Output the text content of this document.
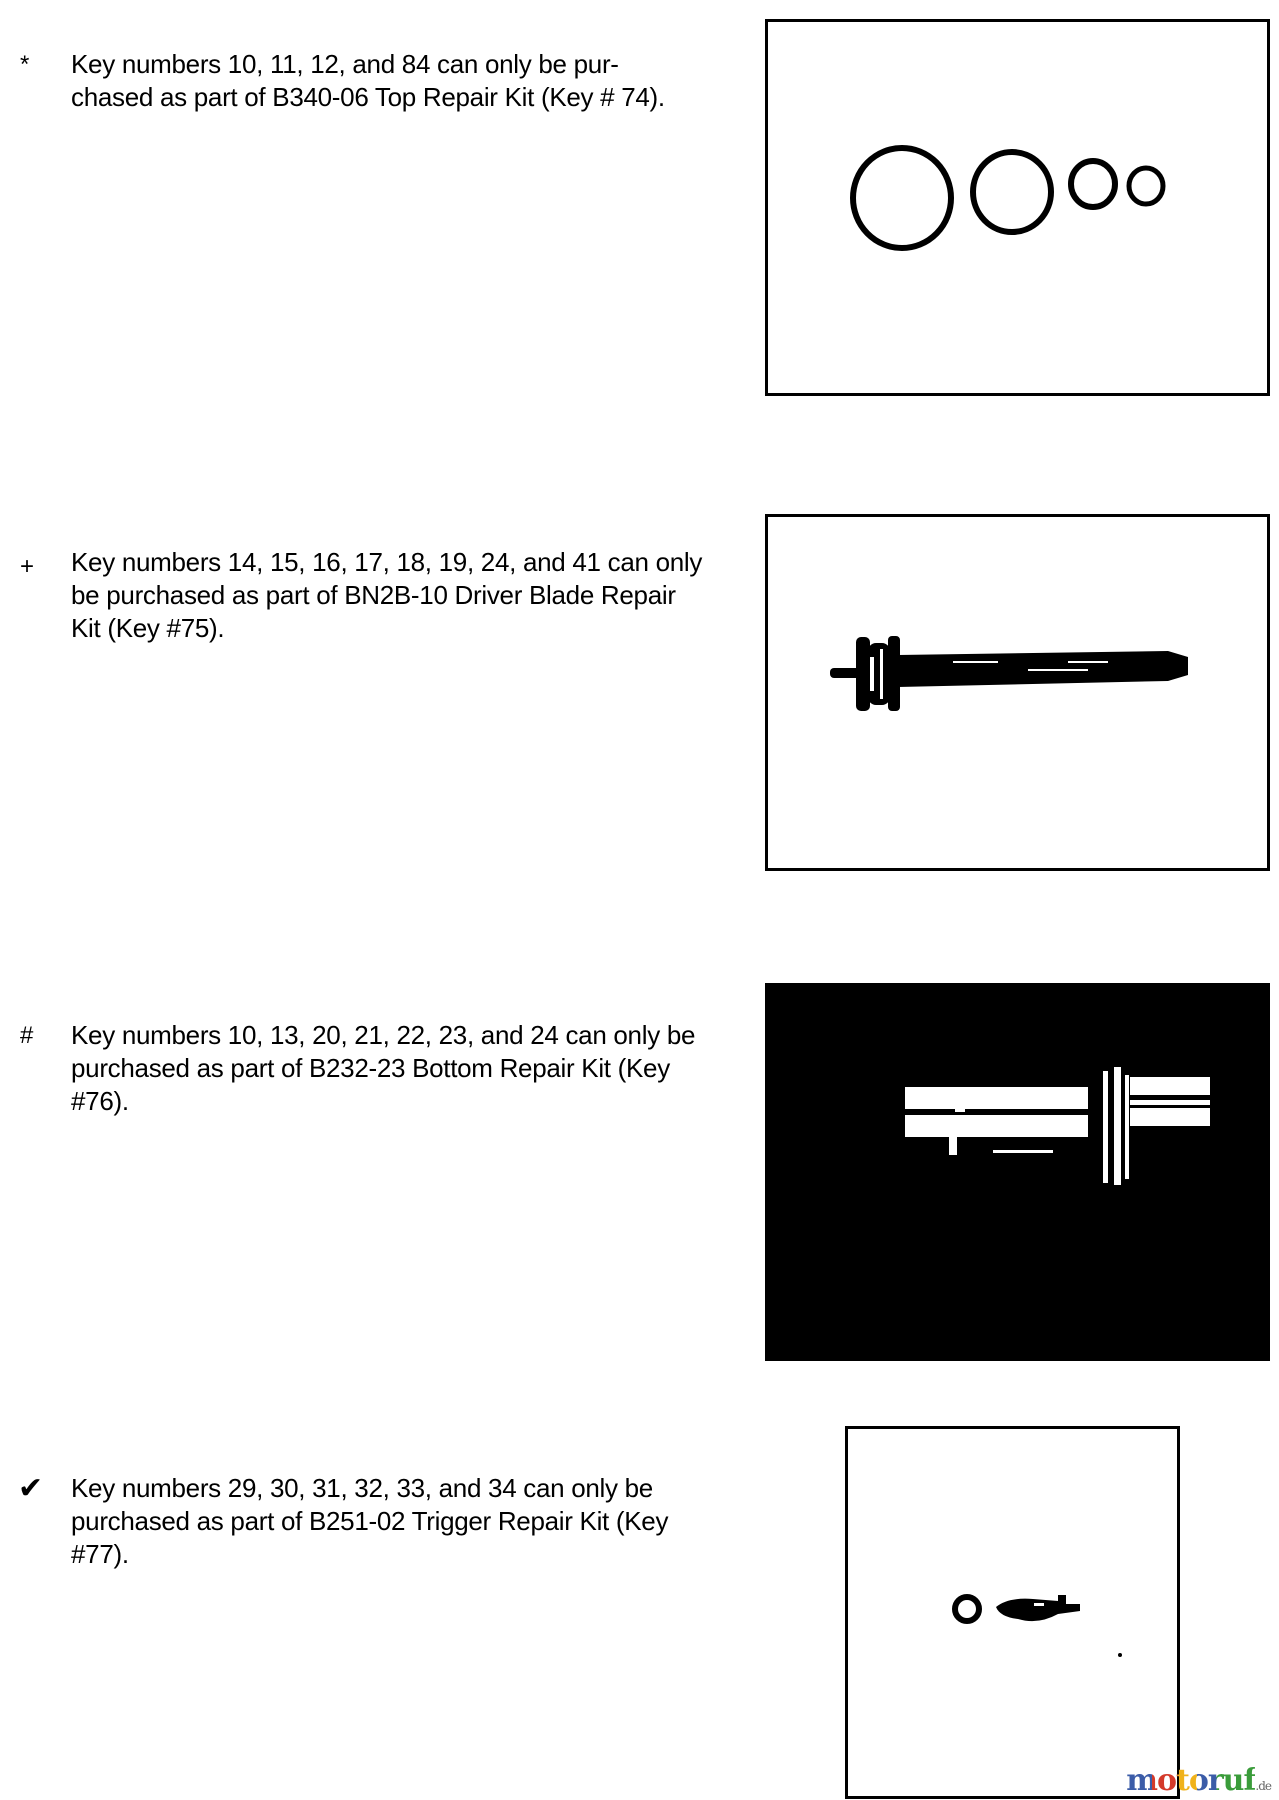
* Key numbers 10, 11, 12, and 84 can only be pur-
chased as part of B340-06 Top Repair Kit (Key # 74).
+ Key numbers 14, 15, 16, 17, 18, 19, 24, and 41 can only be purchased as part of BN2B-10 Driver Blade Repair Kit (Key #75).
# Key numbers 10, 13, 20, 21, 22, 23, and 24 can only be purchased as part of B232-23 Bottom Repair Kit (Key #76).
✔ Key numbers 29, 30, 31, 32, 33, and 34 can only be purchased as part of B251-02 Trigger Repair Kit (Key #77).
motoruf.de
